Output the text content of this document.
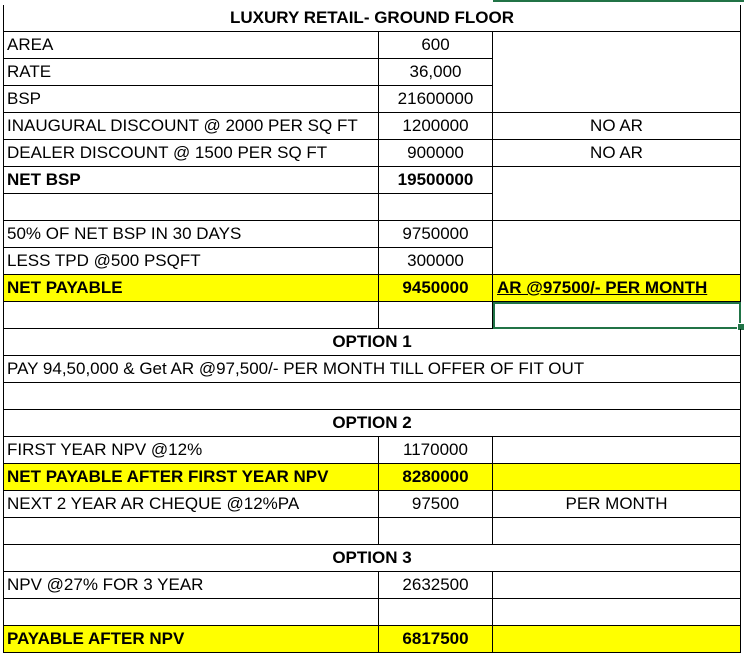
LUXURY RETAIL- GROUND FLOOR
AREA	600
RATE	36,000
BSP	21600000
INAUGURAL DISCOUNT @ 2000 PER SQ FT	1200000	NO AR
DEALER DISCOUNT @ 1500 PER SQ FT	900000	NO AR
NET BSP	19500000
50% OF NET BSP IN 30 DAYS	9750000
LESS TPD @500 PSQFT	300000
NET PAYABLE	9450000	AR @97500/- PER MONTH
OPTION 1
PAY 94,50,000 & Get AR @97,500/- PER MONTH TILL OFFER OF FIT OUT
OPTION 2
FIRST YEAR NPV @12%	1170000
NET PAYABLE AFTER FIRST YEAR NPV	8280000
NEXT 2 YEAR AR CHEQUE @12%PA	97500	PER MONTH
OPTION 3
NPV @27% FOR 3 YEAR	2632500
PAYABLE AFTER NPV	6817500
